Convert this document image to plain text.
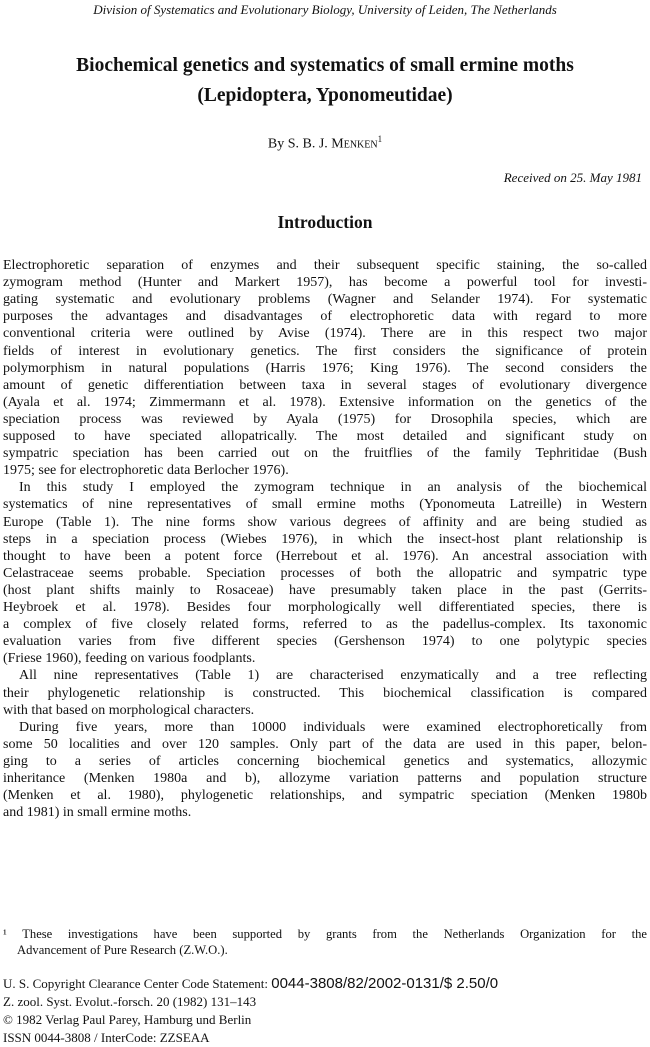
Division of Systematics and Evolutionary Biology, University of Leiden, The Netherlands
Biochemical genetics and systematics of small ermine moths
(Lepidoptera, Yponomeutidae)
By S. B. J. Menken$^1$
Received on 25. May 1981
Introduction
Electrophoretic separation of enzymes and their subsequent specific staining, the so-called
zymogram method (Hunter and Markert 1957), has become a powerful tool for investi-
gating systematic and evolutionary problems (Wagner and Selander 1974). For systematic
purposes the advantages and disadvantages of electrophoretic data with regard to more
conventional criteria were outlined by Avise (1974). There are in this respect two major
fields of interest in evolutionary genetics. The first considers the significance of protein
polymorphism in natural populations (Harris 1976; King 1976). The second considers the
amount of genetic differentiation between taxa in several stages of evolutionary divergence
(Ayala et al. 1974; Zimmermann et al. 1978). Extensive information on the genetics of the
speciation process was reviewed by Ayala (1975) for Drosophila species, which are
supposed to have speciated allopatrically. The most detailed and significant study on
sympatric speciation has been carried out on the fruitflies of the family Tephritidae (Bush
1975; see for electrophoretic data Berlocher 1976).
In this study I employed the zymogram technique in an analysis of the biochemical
systematics of nine representatives of small ermine moths (Yponomeuta Latreille) in Western
Europe (Table 1). The nine forms show various degrees of affinity and are being studied as
steps in a speciation process (Wiebes 1976), in which the insect-host plant relationship is
thought to have been a potent force (Herrebout et al. 1976). An ancestral association with
Celastraceae seems probable. Speciation processes of both the allopatric and sympatric type
(host plant shifts mainly to Rosaceae) have presumably taken place in the past (Gerrits-
Heybroek et al. 1978). Besides four morphologically well differentiated species, there is
a complex of five closely related forms, referred to as the padellus-complex. Its taxonomic
evaluation varies from five different species (Gershenson 1974) to one polytypic species
(Friese 1960), feeding on various foodplants.
All nine representatives (Table 1) are characterised enzymatically and a tree reflecting
their phylogenetic relationship is constructed. This biochemical classification is compared
with that based on morphological characters.
During five years, more than 10000 individuals were examined electrophoretically from
some 50 localities and over 120 samples. Only part of the data are used in this paper, belon-
ging to a series of articles concerning biochemical genetics and systematics, allozymic
inheritance (Menken 1980a and b), allozyme variation patterns and population structure
(Menken et al. 1980), phylogenetic relationships, and sympatric speciation (Menken 1980b
and 1981) in small ermine moths.
¹ These investigations have been supported by grants from the Netherlands Organization for the
Advancement of Pure Research (Z.W.O.).
U. S. Copyright Clearance Center Code Statement: 0044-3808/82/2002-0131/$ 2.50/0
Z. zool. Syst. Evolut.-forsch. 20 (1982) 131–143
© 1982 Verlag Paul Parey, Hamburg und Berlin
ISSN 0044-3808 / InterCode: ZZSEAA
